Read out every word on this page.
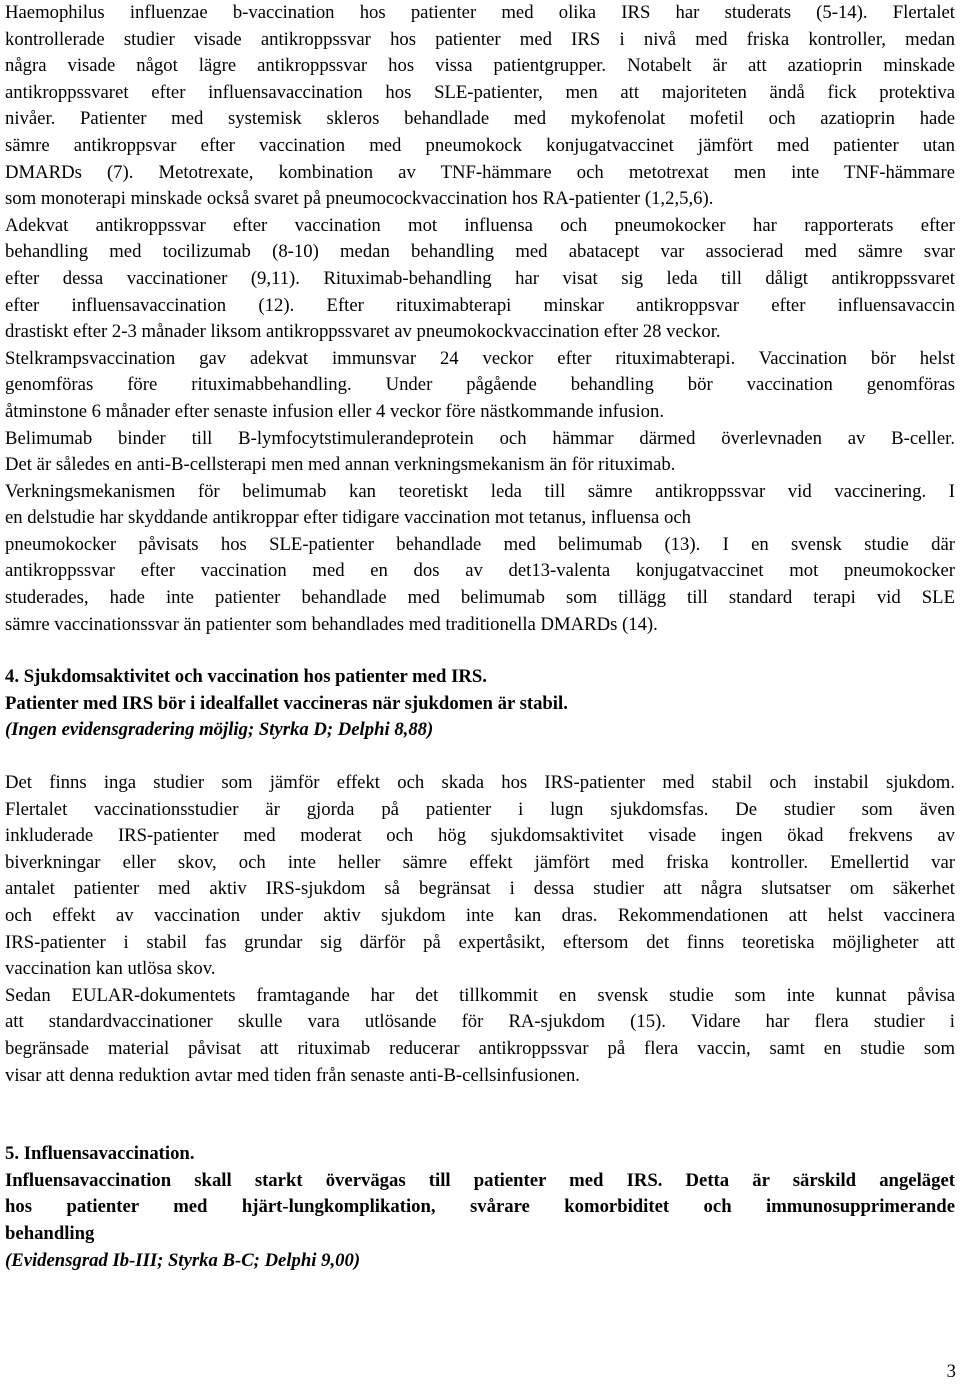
Haemophilus influenzae b-vaccination hos patienter med olika IRS har studerats (5-14). Flertalet
kontrollerade studier visade antikroppssvar hos patienter med IRS i nivå med friska kontroller, medan
några visade något lägre antikroppssvar hos vissa patientgrupper. Notabelt är att azatioprin minskade
antikroppssvaret efter influensavaccination hos SLE-patienter, men att majoriteten ändå fick protektiva
nivåer. Patienter med systemisk skleros behandlade med mykofenolat mofetil och azatioprin hade
sämre antikroppsvar efter vaccination med pneumokock konjugatvaccinet jämfört med patienter utan
DMARDs (7). Metotrexate, kombination av TNF-hämmare och metotrexat men inte TNF-hämmare
som monoterapi minskade också svaret på pneumocockvaccination hos RA-patienter (1,2,5,6).
Adekvat antikroppssvar efter vaccination mot influensa och pneumokocker har rapporterats efter
behandling med tocilizumab (8-10) medan behandling med abatacept var associerad med sämre svar
efter dessa vaccinationer (9,11). Rituximab-behandling har visat sig leda till dåligt antikroppssvaret
efter influensavaccination (12). Efter rituximabterapi minskar antikroppsvar efter influensavaccin
drastiskt efter 2-3 månader liksom antikroppssvaret av pneumokockvaccination efter 28 veckor.
Stelkrampsvaccination gav adekvat immunsvar 24 veckor efter rituximabterapi. Vaccination bör helst
genomföras före rituximabbehandling. Under pågående behandling bör vaccination genomföras
åtminstone 6 månader efter senaste infusion eller 4 veckor före nästkommande infusion.
Belimumab binder till B-lymfocytstimulerandeprotein och hämmar därmed överlevnaden av B-celler.
Det är således en anti-B-cellsterapi men med annan verkningsmekanism än för rituximab.
Verkningsmekanismen för belimumab kan teoretiskt leda till sämre antikroppssvar vid vaccinering. I
en delstudie har skyddande antikroppar efter tidigare vaccination mot tetanus, influensa och
pneumokocker påvisats hos SLE-patienter behandlade med belimumab (13). I en svensk studie där
antikroppssvar efter vaccination med en dos av det13-valenta konjugatvaccinet mot pneumokocker
studerades, hade inte patienter behandlade med belimumab som tillägg till standard terapi vid SLE
sämre vaccinationssvar än patienter som behandlades med traditionella DMARDs (14).
4. Sjukdomsaktivitet och vaccination hos patienter med IRS.
Patienter med IRS bör i idealfallet vaccineras när sjukdomen är stabil.
(Ingen evidensgradering möjlig; Styrka D; Delphi 8,88)
Det finns inga studier som jämför effekt och skada hos IRS-patienter med stabil och instabil sjukdom.
Flertalet vaccinationsstudier är gjorda på patienter i lugn sjukdomsfas. De studier som även
inkluderade IRS-patienter med moderat och hög sjukdomsaktivitet visade ingen ökad frekvens av
biverkningar eller skov, och inte heller sämre effekt jämfört med friska kontroller. Emellertid var
antalet patienter med aktiv IRS-sjukdom så begränsat i dessa studier att några slutsatser om säkerhet
och effekt av vaccination under aktiv sjukdom inte kan dras. Rekommendationen att helst vaccinera
IRS-patienter i stabil fas grundar sig därför på expertåsikt, eftersom det finns teoretiska möjligheter att
vaccination kan utlösa skov.
Sedan EULAR-dokumentets framtagande har det tillkommit en svensk studie som inte kunnat påvisa
att standardvaccinationer skulle vara utlösande för RA-sjukdom (15). Vidare har flera studier i
begränsade material påvisat att rituximab reducerar antikroppssvar på flera vaccin, samt en studie som
visar att denna reduktion avtar med tiden från senaste anti-B-cellsinfusionen.
5. Influensavaccination.
Influensavaccination skall starkt övervägas till patienter med IRS. Detta är särskild angeläget
hos patienter med hjärt-lungkomplikation, svårare komorbiditet och immunosupprimerande
behandling
(Evidensgrad Ib-III; Styrka B-C; Delphi 9,00)
3
